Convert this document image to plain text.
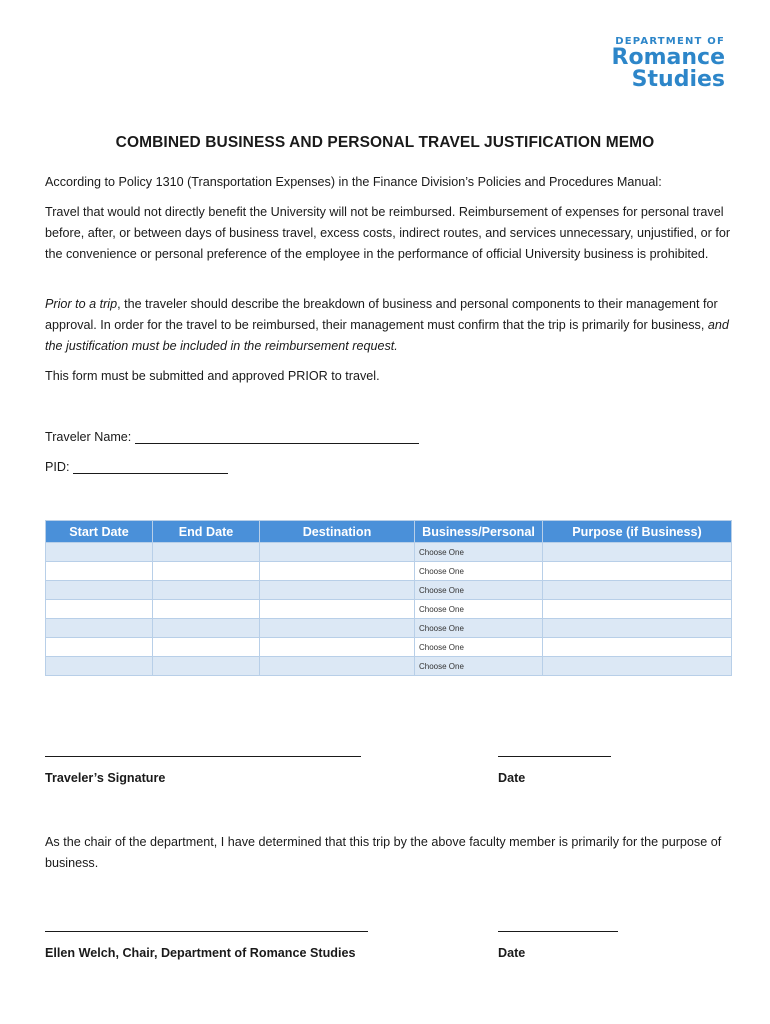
DEPARTMENT OF
Romance
Studies
COMBINED BUSINESS AND PERSONAL TRAVEL JUSTIFICATION MEMO
According to Policy 1310 (Transportation Expenses) in the Finance Division’s Policies and Procedures Manual:
Travel that would not directly benefit the University will not be reimbursed. Reimbursement of expenses for personal travel before, after, or between days of business travel, excess costs, indirect routes, and services unnecessary, unjustified, or for the convenience or personal preference of the employee in the performance of official University business is prohibited.
Prior to a trip, the traveler should describe the breakdown of business and personal components to their management for approval. In order for the travel to be reimbursed, their management must confirm that the trip is primarily for business, and the justification must be included in the reimbursement request.
This form must be submitted and approved PRIOR to travel.
Traveler Name:
PID:
Start Date	End Date	Destination	Business/Personal	Purpose (if Business)
			Choose One	
			Choose One	
			Choose One	
			Choose One	
			Choose One	
			Choose One	
			Choose One	
Traveler’s Signature	Date
As the chair of the department, I have determined that this trip by the above faculty member is primarily for the purpose of business.
Ellen Welch, Chair, Department of Romance Studies	Date
